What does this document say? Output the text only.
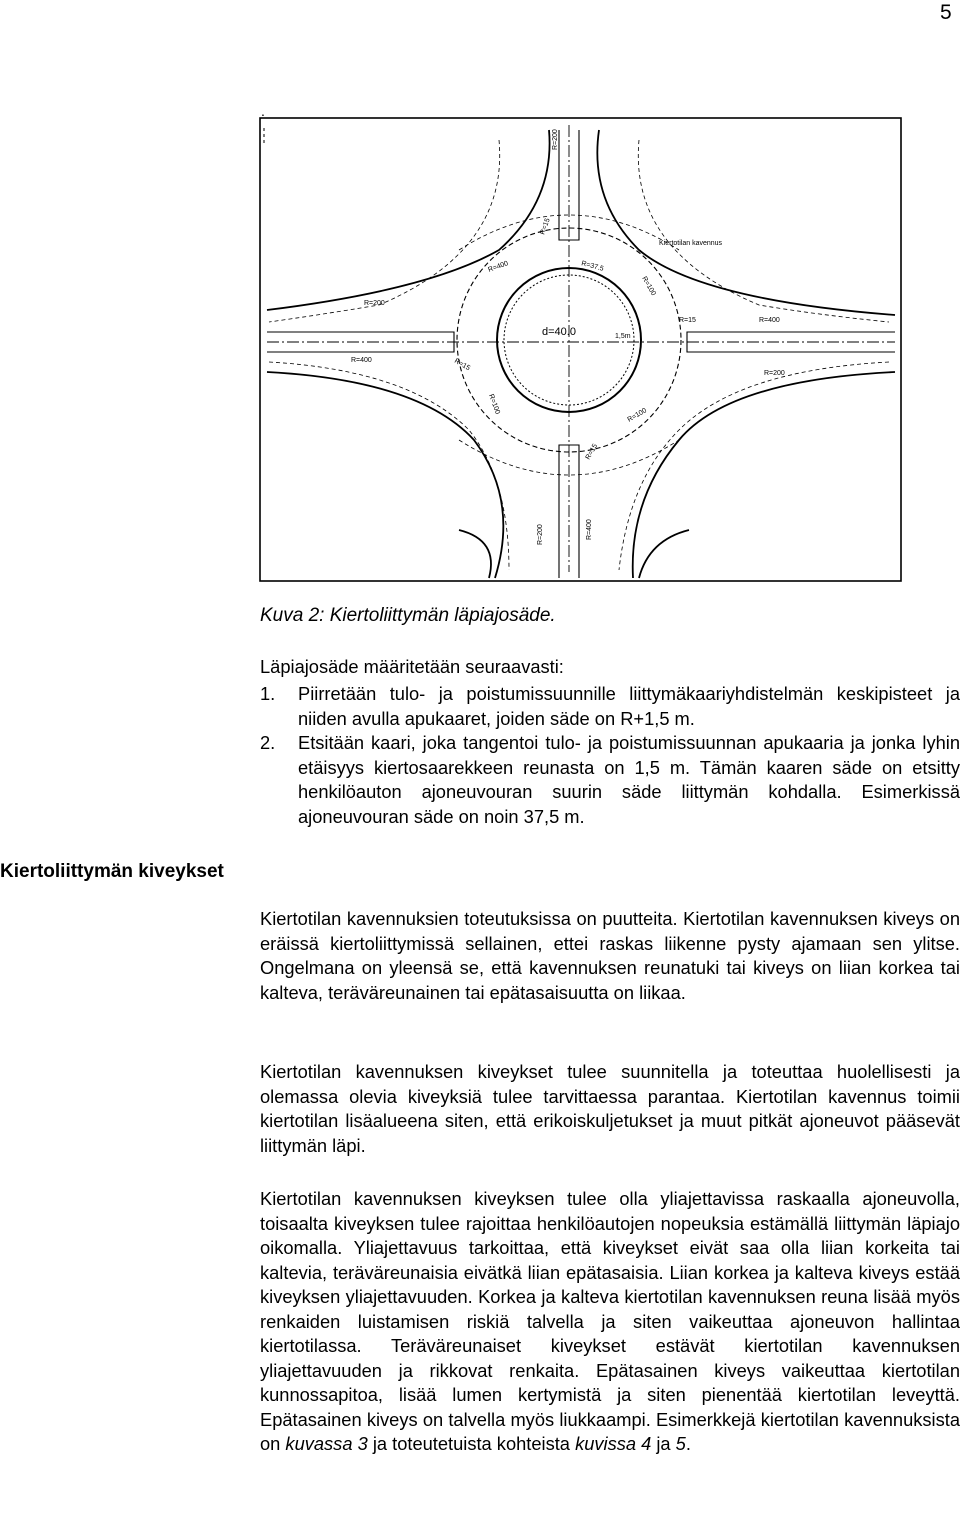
5
.
d=40.0
R=37.5
Kiertotilan kavennus
R=400
R=200
R=400	R=15
R=15	R=400
R=200
R=100
R=100
R=15
R=100
R=15
R=200
R=200	R=400
1,5m
Kuva 2: Kiertoliittymän läpiajosäde.
Läpiajosäde määritetään seuraavasti:
1. Piirretään tulo- ja poistumissuunnille liittymäkaariyhdistelmän keskipisteet ja niiden avulla apukaaret, joiden säde on R+1,5 m.
2. Etsitään kaari, joka tangentoi tulo- ja poistumissuunnan apukaaria ja jonka lyhin etäisyys kiertosaarekkeen reunasta on 1,5 m. Tämän kaaren säde on etsitty henkilöauton ajoneuvouran suurin säde liittymän kohdalla. Esimerkissä ajoneuvouran säde on noin 37,5 m.
Kiertoliittymän kiveykset
Kiertotilan kavennuksien toteutuksissa on puutteita. Kiertotilan kavennuksen kiveys on eräissä kiertoliittymissä sellainen, ettei raskas liikenne pysty ajamaan sen ylitse. Ongelmana on yleensä se, että kavennuksen reunatuki tai kiveys on liian korkea tai kalteva, teräväreunainen tai epätasaisuutta on liikaa.
Kiertotilan kavennuksen kiveykset tulee suunnitella ja toteuttaa huolellisesti ja olemassa olevia kiveyksiä tulee tarvittaessa parantaa. Kiertotilan kavennus toimii kiertotilan lisäalueena siten, että erikoiskuljetukset ja muut pitkät ajoneuvot pääsevät liittymän läpi.
Kiertotilan kavennuksen kiveyksen tulee olla yliajettavissa raskaalla ajoneuvolla, toisaalta kiveyksen tulee rajoittaa henkilöautojen nopeuksia estämällä liittymän läpiajo oikomalla. Yliajettavuus tarkoittaa, että kiveykset eivät saa olla liian korkeita tai kaltevia, teräväreunaisia eivätkä liian epätasaisia. Liian korkea ja kalteva kiveys estää kiveyksen yliajettavuuden. Korkea ja kalteva kiertotilan kavennuksen reuna lisää myös renkaiden luistamisen riskiä talvella ja siten vaikeuttaa ajoneuvon hallintaa kiertotilassa. Teräväreunaiset kiveykset estävät kiertotilan kavennuksen yliajettavuuden ja rikkovat renkaita. Epätasainen kiveys vaikeuttaa kiertotilan kunnossapitoa, lisää lumen kertymistä ja siten pienentää kiertotilan leveyttä. Epätasainen kiveys on talvella myös liukkaampi. Esimerkkejä kiertotilan kavennuksista on kuvassa 3 ja toteutetuista kohteista kuvissa 4 ja 5.
